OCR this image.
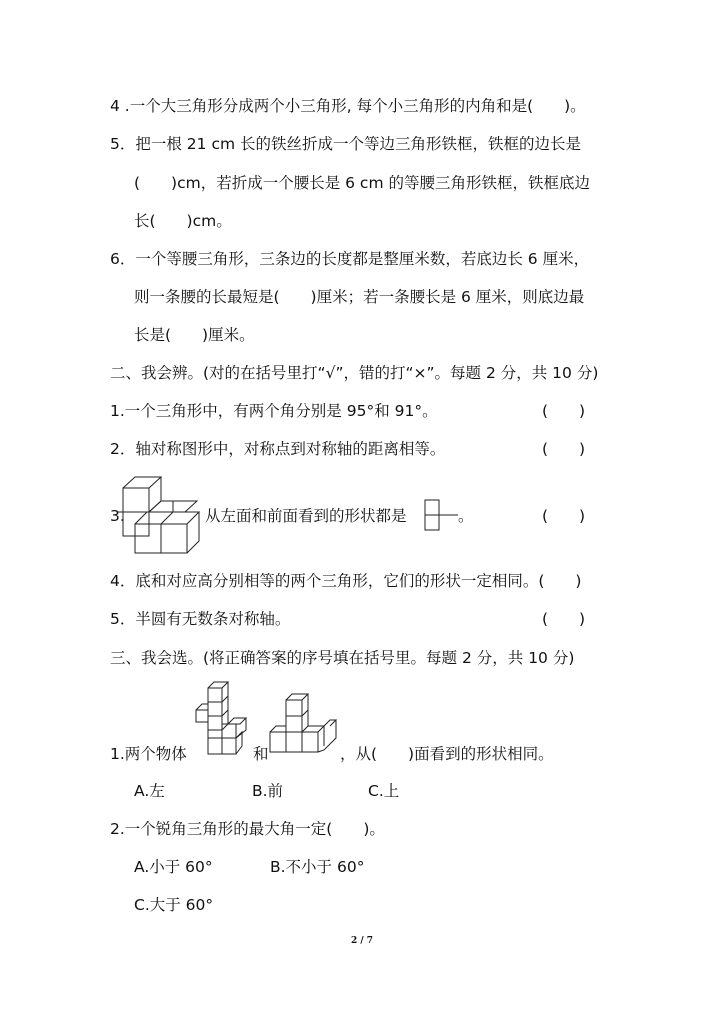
4 .一个大三角形分成两个小三角形, 每个小三角形的内角和是(　　)。
5．把一根 21 cm 长的铁丝折成一个等边三角形铁框，铁框的边长是
(　　)cm，若折成一个腰长是 6 cm 的等腰三角形铁框，铁框底边
长(　　)cm。
6．一个等腰三角形，三条边的长度都是整厘米数，若底边长 6 厘米，
则一条腰的长最短是(　　)厘米；若一条腰长是 6 厘米，则底边最
长是(　　)厘米。
二、我会辨。(对的在括号里打“√”，错的打“×”。每题 2 分，共 10 分)
1.一个三角形中，有两个角分别是 95°和 91°。	(　　)
2．轴对称图形中，对称点到对称轴的距离相等。	(　　)
3.	从左面和前面看到的形状都是	。	(　　)
4．底和对应高分别相等的两个三角形，它们的形状一定相同。(　　)
5．半圆有无数条对称轴。	(　　)
三、我会选。(将正确答案的序号填在括号里。每题 2 分，共 10 分)
1.两个物体	和	，从(　　)面看到的形状相同。
A.左	B.前	C.上
2.一个锐角三角形的最大角一定(　　)。
A.小于 60°	B.不小于 60°
C.大于 60°
2 / 7
